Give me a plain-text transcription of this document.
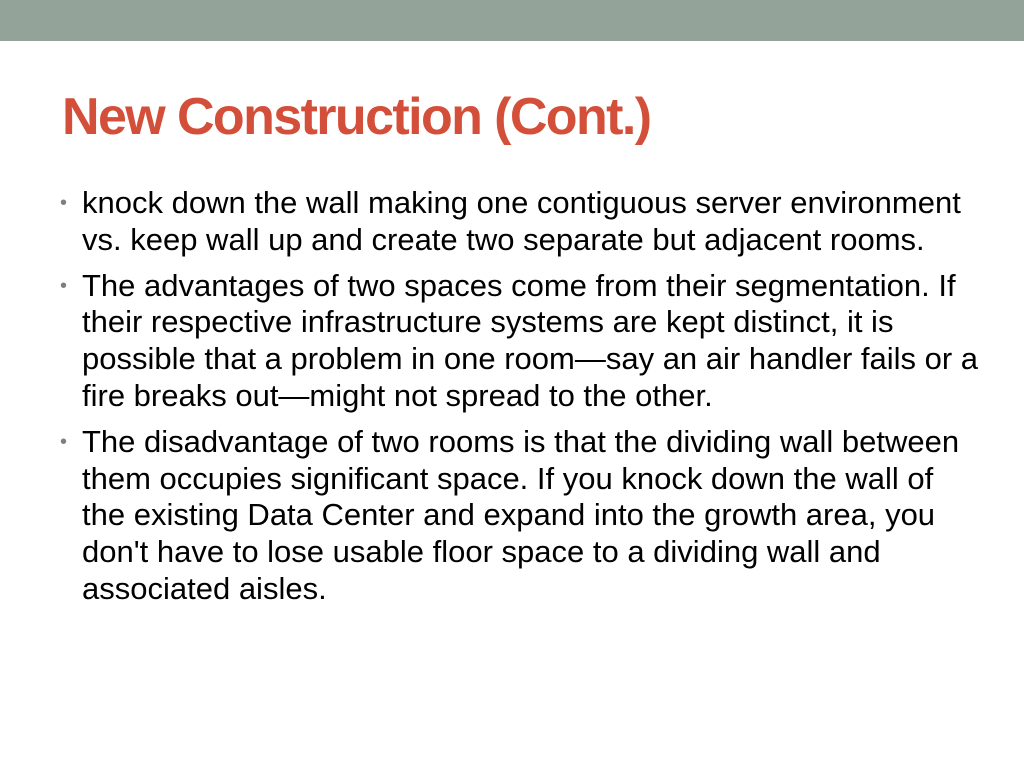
New Construction (Cont.)
• knock down the wall making one contiguous server environment vs. keep wall up and create two separate but adjacent rooms.
• The advantages of two spaces come from their segmentation. If their respective infrastructure systems are kept distinct, it is possible that a problem in one room—say an air handler fails or a fire breaks out—might not spread to the other.
• The disadvantage of two rooms is that the dividing wall between them occupies significant space. If you knock down the wall of the existing Data Center and expand into the growth area, you don't have to lose usable floor space to a dividing wall and associated aisles.
